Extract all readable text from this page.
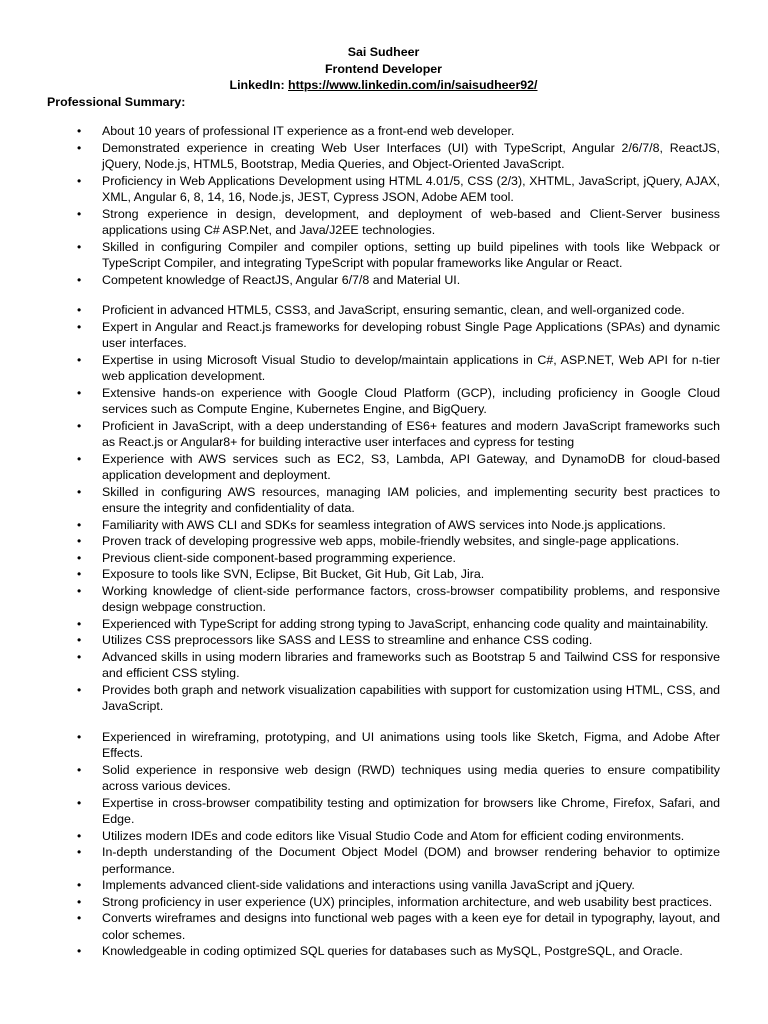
Sai Sudheer
Frontend Developer
LinkedIn: https://www.linkedin.com/in/saisudheer92/
Professional Summary:
• About 10 years of professional IT experience as a front-end web developer.
• Demonstrated experience in creating Web User Interfaces (UI) with TypeScript, Angular 2/6/7/8, ReactJS, jQuery, Node.js, HTML5, Bootstrap, Media Queries, and Object-Oriented JavaScript.
• Proficiency in Web Applications Development using HTML 4.01/5, CSS (2/3), XHTML, JavaScript, jQuery, AJAX, XML, Angular 6, 8, 14, 16, Node.js, JEST, Cypress JSON, Adobe AEM tool.
• Strong experience in design, development, and deployment of web-based and Client-Server business applications using C# ASP.Net, and Java/J2EE technologies.
• Skilled in configuring Compiler and compiler options, setting up build pipelines with tools like Webpack or TypeScript Compiler, and integrating TypeScript with popular frameworks like Angular or React.
• Competent knowledge of ReactJS, Angular 6/7/8 and Material UI.
• Proficient in advanced HTML5, CSS3, and JavaScript, ensuring semantic, clean, and well-organized code.
• Expert in Angular and React.js frameworks for developing robust Single Page Applications (SPAs) and dynamic user interfaces.
• Expertise in using Microsoft Visual Studio to develop/maintain applications in C#, ASP.NET, Web API for n-tier web application development.
• Extensive hands-on experience with Google Cloud Platform (GCP), including proficiency in Google Cloud services such as Compute Engine, Kubernetes Engine, and BigQuery.
• Proficient in JavaScript, with a deep understanding of ES6+ features and modern JavaScript frameworks such as React.js or Angular8+ for building interactive user interfaces and cypress for testing
• Experience with AWS services such as EC2, S3, Lambda, API Gateway, and DynamoDB for cloud-based application development and deployment.
• Skilled in configuring AWS resources, managing IAM policies, and implementing security best practices to ensure the integrity and confidentiality of data.
• Familiarity with AWS CLI and SDKs for seamless integration of AWS services into Node.js applications.
• Proven track of developing progressive web apps, mobile-friendly websites, and single-page applications.
• Previous client-side component-based programming experience.
• Exposure to tools like SVN, Eclipse, Bit Bucket, Git Hub, Git Lab, Jira.
• Working knowledge of client-side performance factors, cross-browser compatibility problems, and responsive design webpage construction.
• Experienced with TypeScript for adding strong typing to JavaScript, enhancing code quality and maintainability.
• Utilizes CSS preprocessors like SASS and LESS to streamline and enhance CSS coding.
• Advanced skills in using modern libraries and frameworks such as Bootstrap 5 and Tailwind CSS for responsive and efficient CSS styling.
• Provides both graph and network visualization capabilities with support for customization using HTML, CSS, and JavaScript.
• Experienced in wireframing, prototyping, and UI animations using tools like Sketch, Figma, and Adobe After Effects.
• Solid experience in responsive web design (RWD) techniques using media queries to ensure compatibility across various devices.
• Expertise in cross-browser compatibility testing and optimization for browsers like Chrome, Firefox, Safari, and Edge.
• Utilizes modern IDEs and code editors like Visual Studio Code and Atom for efficient coding environments.
• In-depth understanding of the Document Object Model (DOM) and browser rendering behavior to optimize performance.
• Implements advanced client-side validations and interactions using vanilla JavaScript and jQuery.
• Strong proficiency in user experience (UX) principles, information architecture, and web usability best practices.
• Converts wireframes and designs into functional web pages with a keen eye for detail in typography, layout, and color schemes.
• Knowledgeable in coding optimized SQL queries for databases such as MySQL, PostgreSQL, and Oracle.
